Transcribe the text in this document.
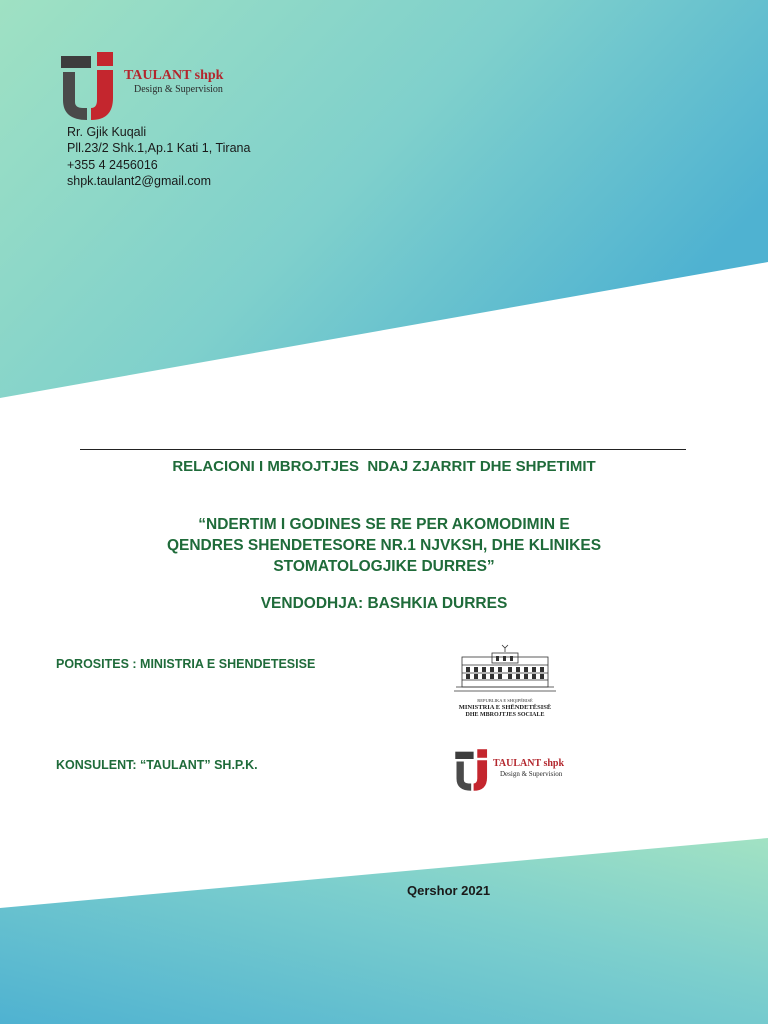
TAULANT shpk
Design & Supervision
Rr. Gjik Kuqali
Pll.23/2 Shk.1,Ap.1 Kati 1, Tirana
+355 4 2456016
shpk.taulant2@gmail.com
RELACIONI I MBROJTJES  NDAJ ZJARRIT DHE SHPETIMIT
“NDERTIM I GODINES SE RE PER AKOMODIMIN E
QENDRES SHENDETESORE NR.1 NJVKSH, DHE KLINIKES
STOMATOLOGJIKE DURRES”
VENDODHJA: BASHKIA DURRES
POROSITES : MINISTRIA E SHENDETESISE
REPUBLIKA E SHQIPËRISË
MINISTRIA E SHËNDETËSISË
DHE MBROJTJES SOCIALE
KONSULENT: “TAULANT” SH.P.K.	TAULANT shpk
Design & Supervision
Qershor 2021
